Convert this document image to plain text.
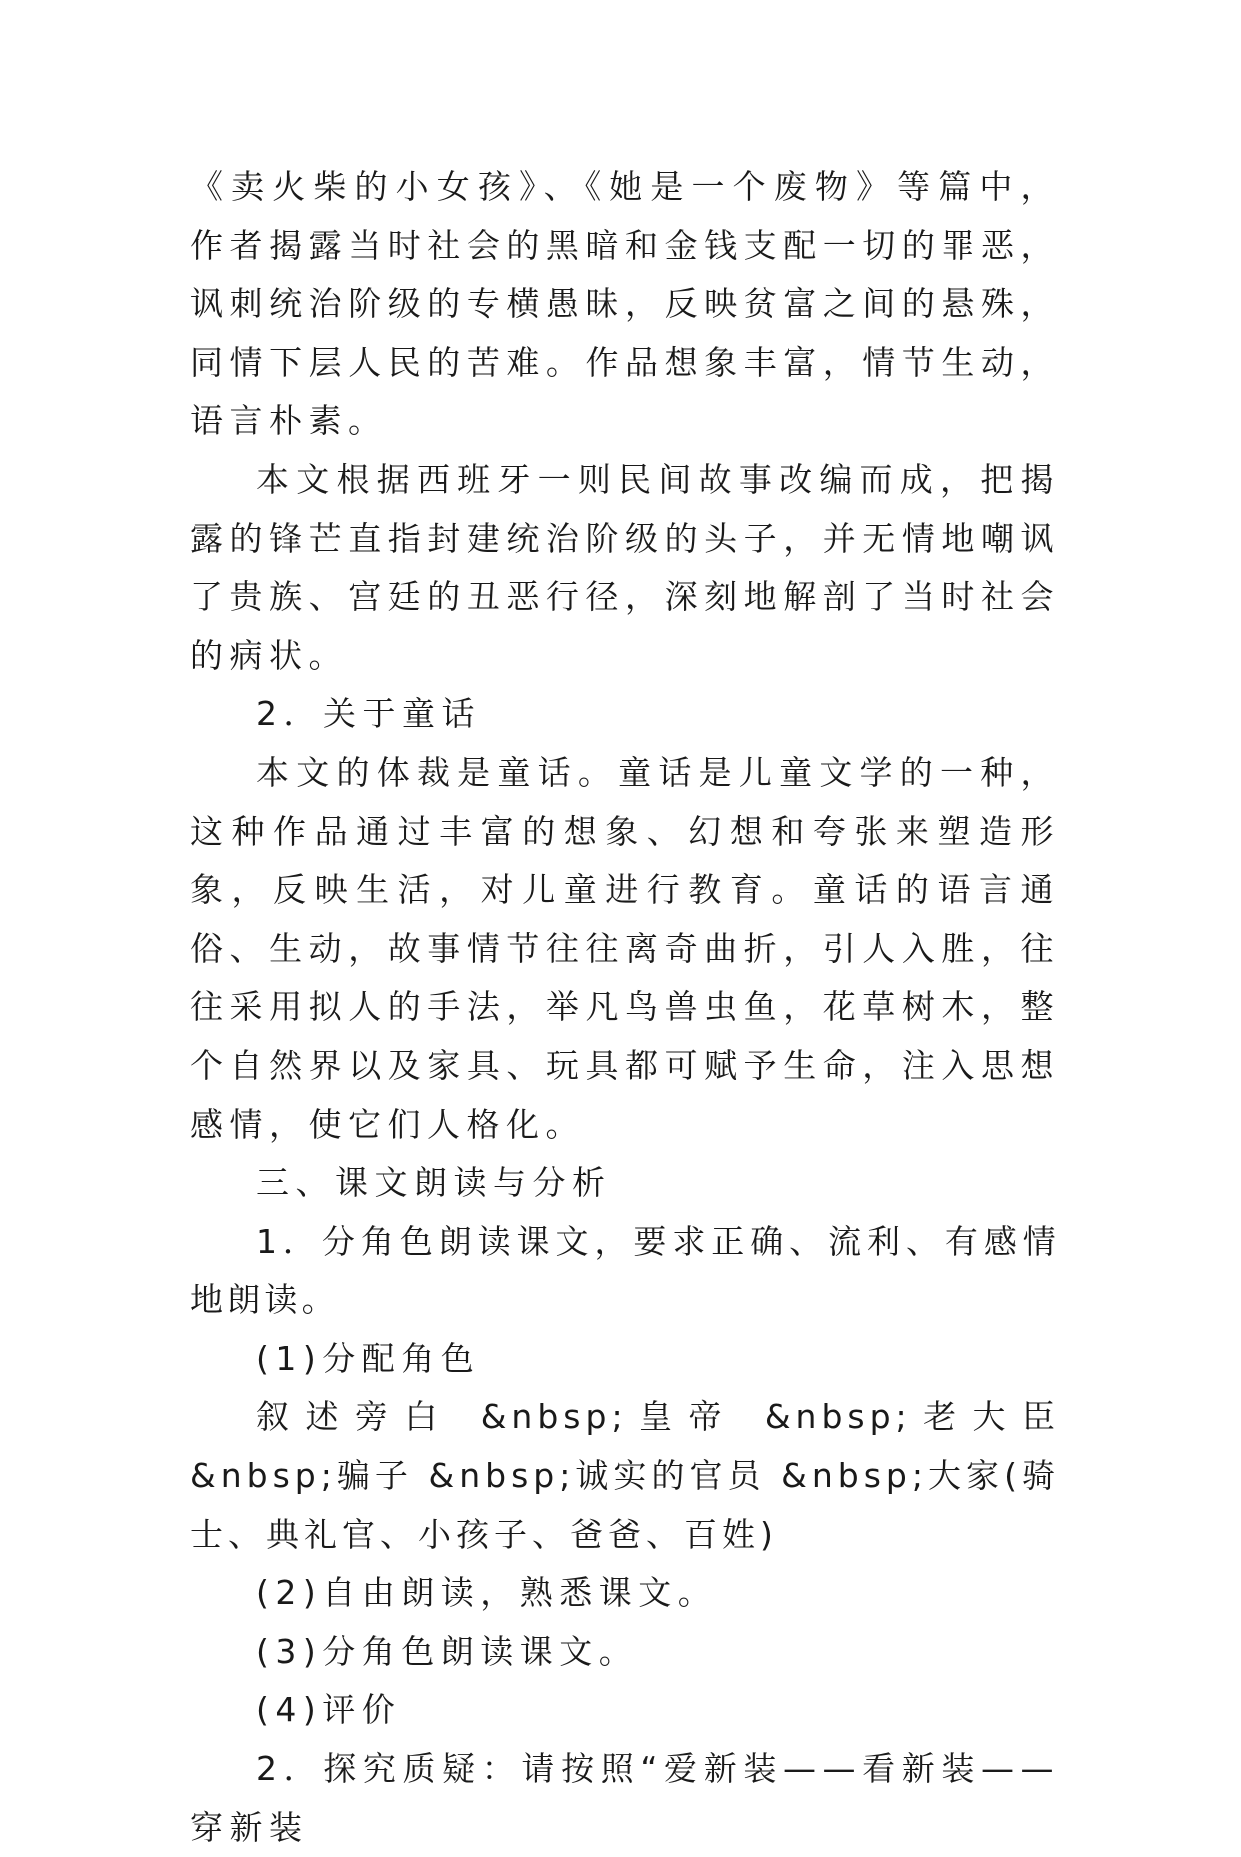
《卖火柴的小女孩》、《她是一个废物》等篇中，作者揭露当时社会的黑暗和金钱支配一切的罪恶，讽刺统治阶级的专横愚昧，反映贫富之间的悬殊，同情下层人民的苦难。作品想象丰富，情节生动，语言朴素。

本文根据西班牙一则民间故事改编而成，把揭露的锋芒直指封建统治阶级的头子，并无情地嘲讽了贵族、宫廷的丑恶行径，深刻地解剖了当时社会的病状。

2．关于童话

本文的体裁是童话。童话是儿童文学的一种，这种作品通过丰富的想象、幻想和夸张来塑造形象，反映生活，对儿童进行教育。童话的语言通俗、生动，故事情节往往离奇曲折，引人入胜，往往采用拟人的手法，举凡鸟兽虫鱼，花草树木，整个自然界以及家具、玩具都可赋予生命，注入思想感情，使它们人格化。

三、课文朗读与分析

1．分角色朗读课文，要求正确、流利、有感情地朗读。

(1)分配角色

叙述旁白 &nbsp;皇帝 &nbsp;老大臣 &nbsp;骗子 &nbsp;诚实的官员 &nbsp;大家(骑士、典礼官、小孩子、爸爸、百姓)

(2)自由朗读，熟悉课文。

(3)分角色朗读课文。

(4)评价

2．探究质疑：请按照“爱新装——看新装——穿新装
